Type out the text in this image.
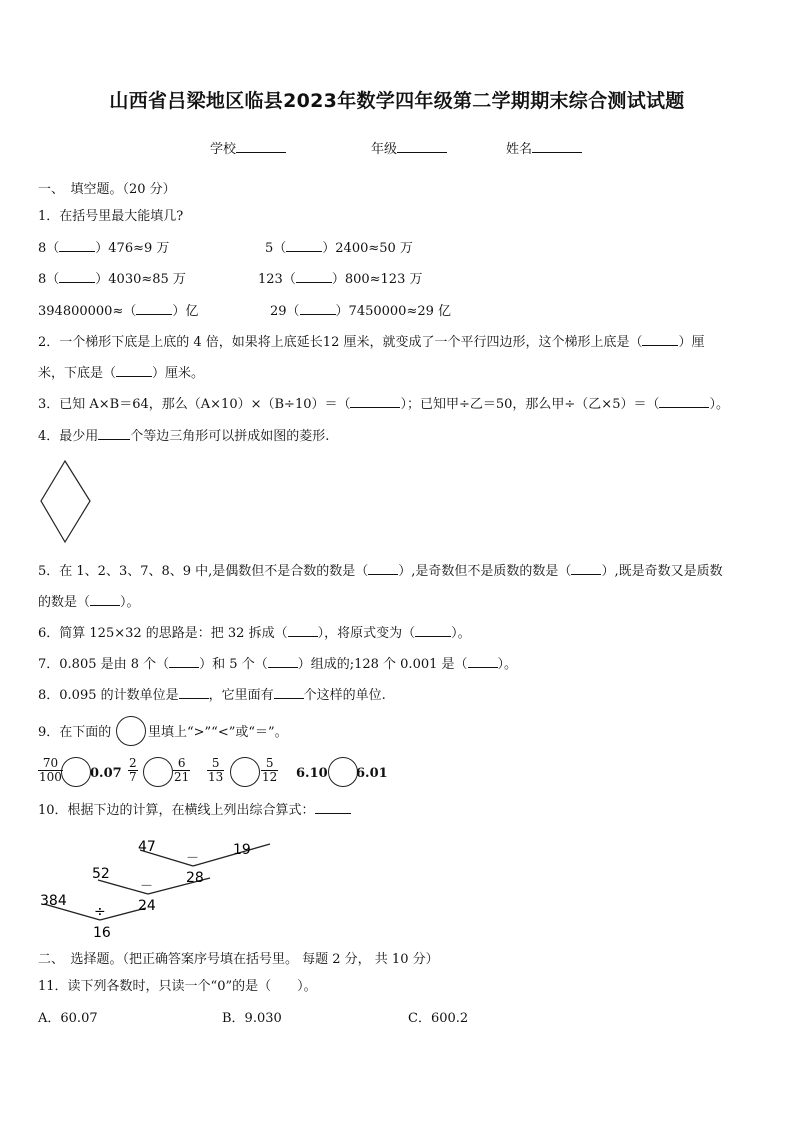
山西省吕梁地区临县2023年数学四年级第二学期期末综合测试试题
学校	年级	姓名
一、　填空题。（20 分）
1．在括号里最大能填几?
8（	）476≈9 万	5（	）2400≈50 万
8（	）4030≈85 万	123（	）800≈123 万
394800000≈（	）亿	29（	）7450000≈29 亿
2．一个梯形下底是上底的 4 倍，如果将上底延长12 厘米，就变成了一个平行四边形，这个梯形上底是（	）厘
米，下底是（	）厘米。
3．已知 A×B＝64，那么（A×10）×（B÷10）＝（	）；已知甲÷乙＝50，那么甲÷（乙×5）＝（	）。
4．最少用 个等边三角形可以拼成如图的菱形.
5．在 1、2、3、7、8、9 中,是偶数但不是合数的数是（ ）,是奇数但不是质数的数是（ ）,既是奇数又是质数
的数是（ ）。
6．简算 125×32 的思路是：把 32 拆成（ ），将原式变为（	）。
7．0.805 是由 8 个（ ）和 5 个（ ）组成的;128 个 0.001 是（ ）。
8．0.095 的计数单位是 ，它里面有 个这样的单位.
9．在下面的	里填上“>”“<”或“＝”。
$\frac{70}{100} 0.07 \frac{2}{7}$	$\frac{6}{21} \frac{5}{13}$	$\frac{5}{12} 6.10$ 6.01
10．根据下边的计算，在横线上列出综合算式：
47	19
－
52	28
－
384	24
÷
16
二、　选择题。（把正确答案序号填在括号里。 每题 2 分， 共 10 分）
11．读下列各数时，只读一个“0”的是（　　）。
A．60.07	B．9.030	C．600.2
